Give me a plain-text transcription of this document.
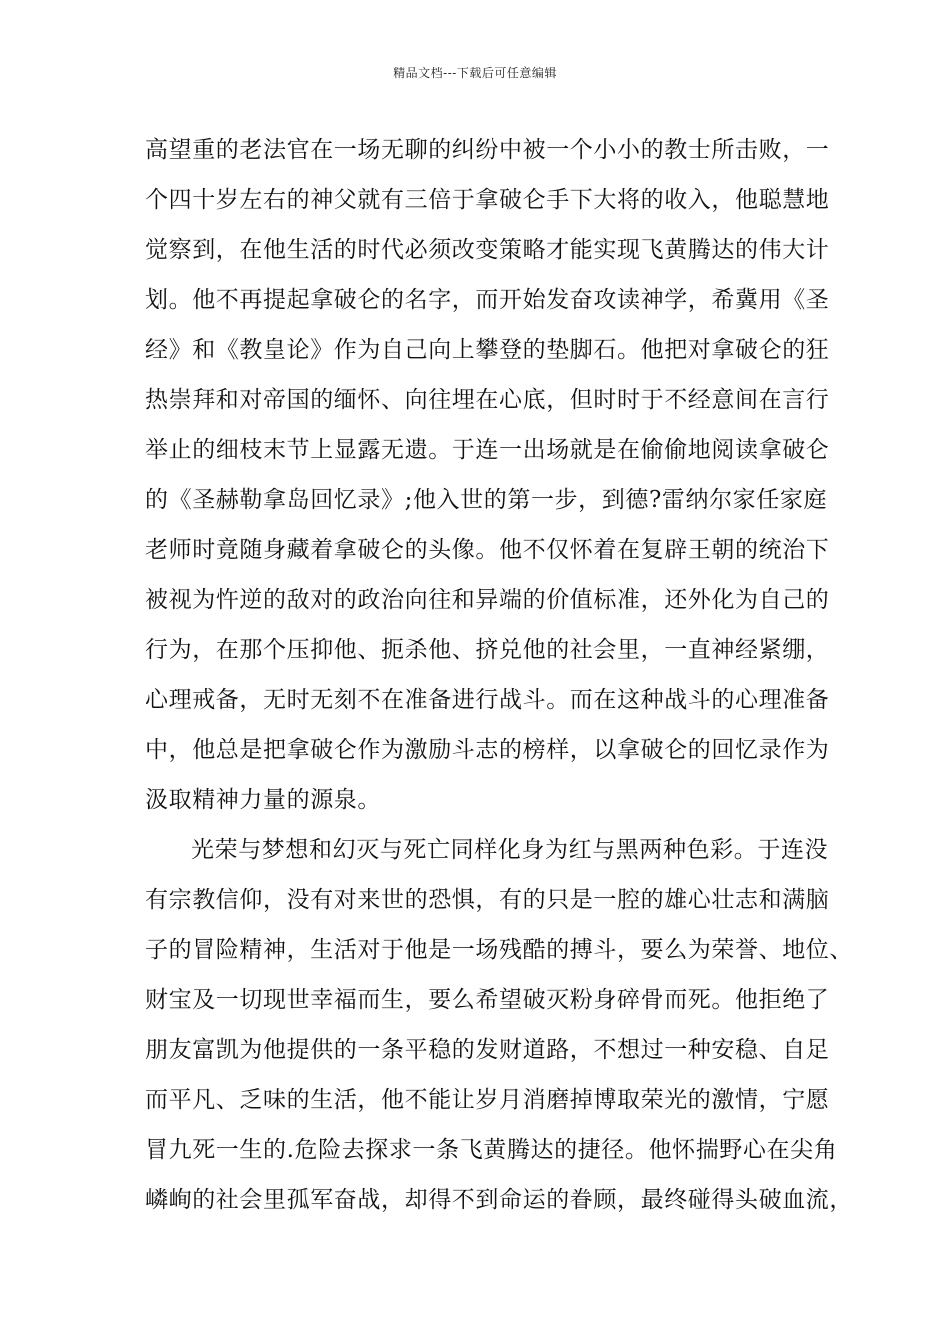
精品文档---下载后可任意编辑
高望重的老法官在一场无聊的纠纷中被一个小小的教士所击败，一
个四十岁左右的神父就有三倍于拿破仑手下大将的收入，他聪慧地
觉察到，在他生活的时代必须改变策略才能实现飞黄腾达的伟大计
划。他不再提起拿破仑的名字，而开始发奋攻读神学，希冀用《圣
经》和《教皇论》作为自己向上攀登的垫脚石。他把对拿破仑的狂
热崇拜和对帝国的缅怀、向往埋在心底，但时时于不经意间在言行
举止的细枝末节上显露无遗。于连一出场就是在偷偷地阅读拿破仑
的《圣赫勒拿岛回忆录》;他入世的第一步，到德?雷纳尔家任家庭
老师时竟随身藏着拿破仑的头像。他不仅怀着在复辟王朝的统治下
被视为忤逆的敌对的政治向往和异端的价值标准，还外化为自己的
行为，在那个压抑他、扼杀他、挤兑他的社会里，一直神经紧绷，
心理戒备，无时无刻不在准备进行战斗。而在这种战斗的心理准备
中，他总是把拿破仑作为激励斗志的榜样，以拿破仑的回忆录作为
汲取精神力量的源泉。
光荣与梦想和幻灭与死亡同样化身为红与黑两种色彩。于连没
有宗教信仰，没有对来世的恐惧，有的只是一腔的雄心壮志和满脑
子的冒险精神，生活对于他是一场残酷的搏斗，要么为荣誉、地位、
财宝及一切现世幸福而生，要么希望破灭粉身碎骨而死。他拒绝了
朋友富凯为他提供的一条平稳的发财道路，不想过一种安稳、自足
而平凡、乏味的生活，他不能让岁月消磨掉博取荣光的激情，宁愿
冒九死一生的.危险去探求一条飞黄腾达的捷径。他怀揣野心在尖角
嶙峋的社会里孤军奋战，却得不到命运的眷顾，最终碰得头破血流，
